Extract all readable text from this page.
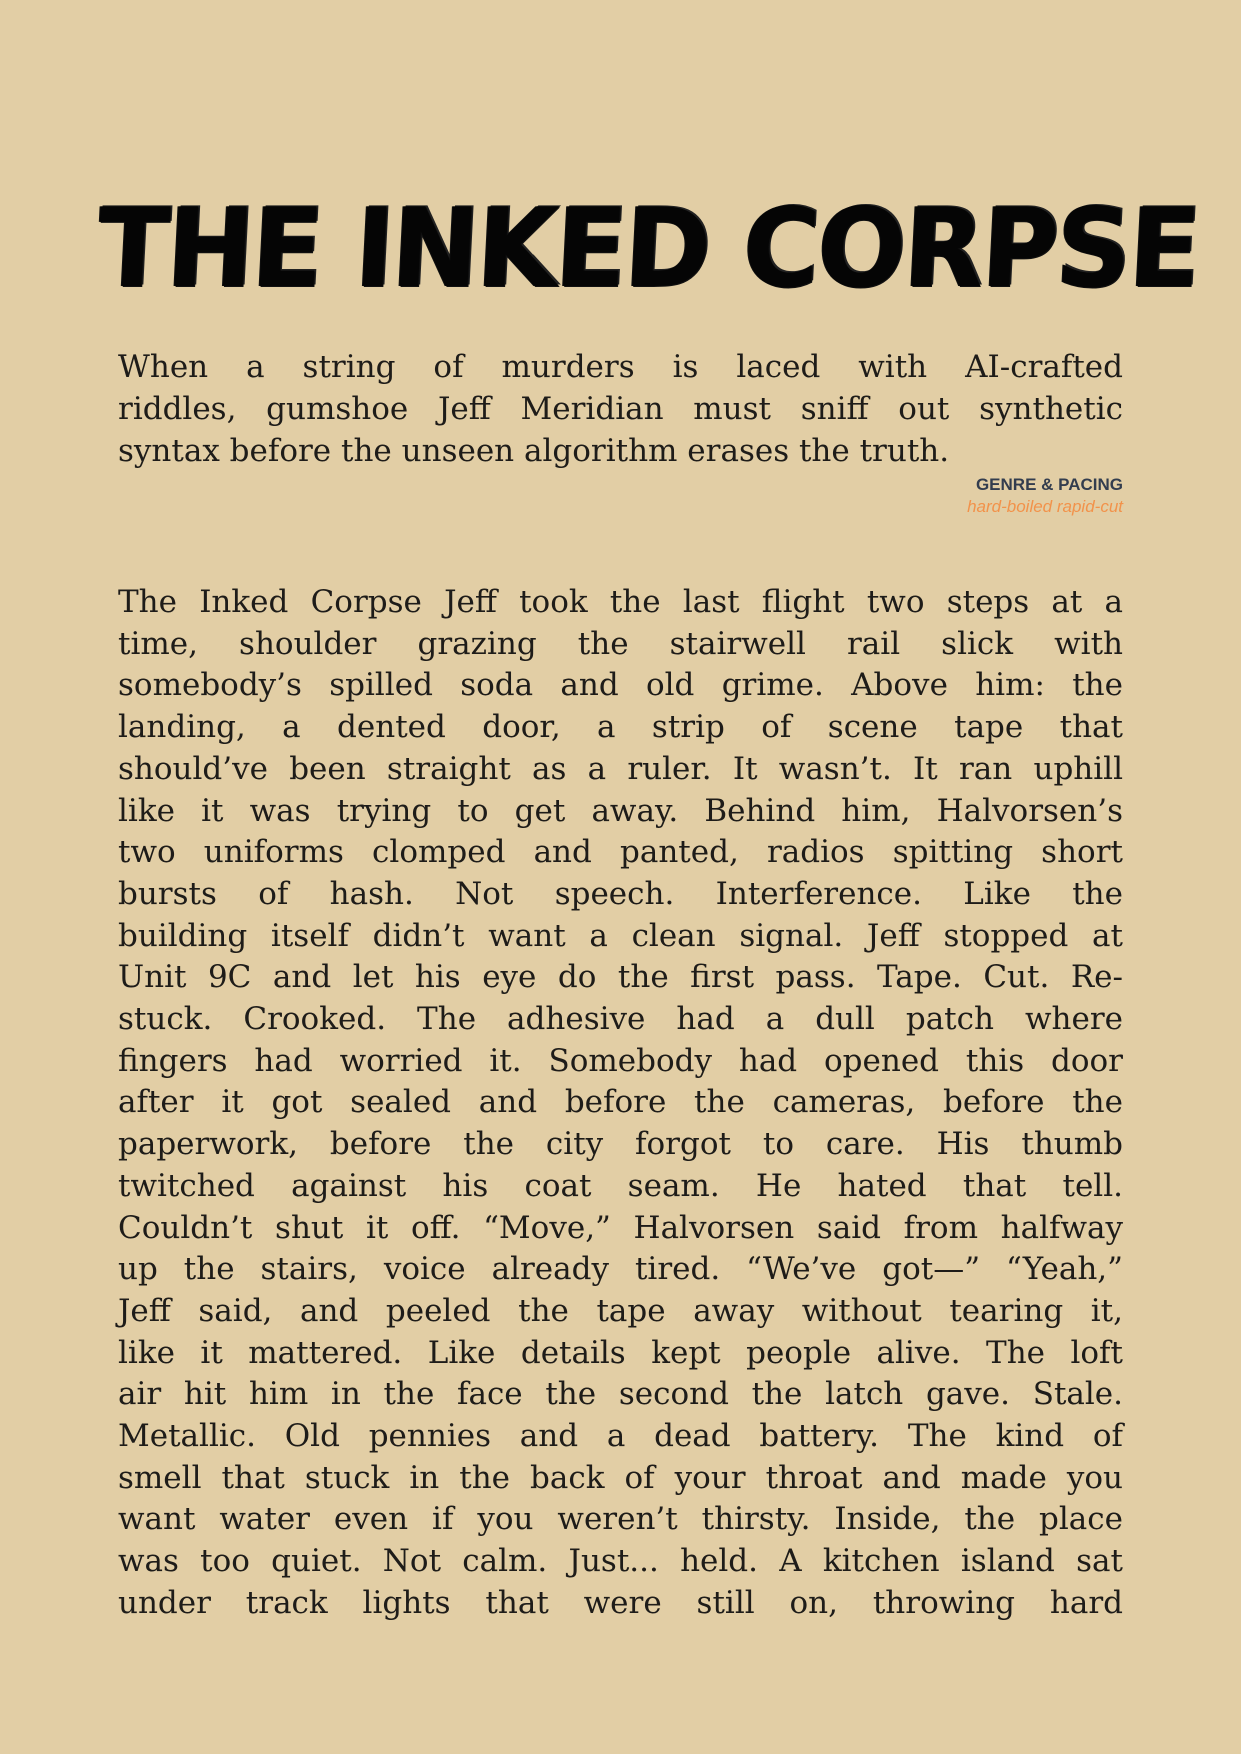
THE INKED CORPSE
When a string of murders is laced with AI-crafted
riddles, gumshoe Jeff Meridian must sniff out synthetic
syntax before the unseen algorithm erases the truth.
GENRE & PACING
hard-boiled rapid-cut
The Inked Corpse Jeff took the last flight two steps at a
time, shoulder grazing the stairwell rail slick with
somebody’s spilled soda and old grime. Above him: the
landing, a dented door, a strip of scene tape that
should’ve been straight as a ruler. It wasn’t. It ran uphill
like it was trying to get away. Behind him, Halvorsen’s
two uniforms clomped and panted, radios spitting short
bursts of hash. Not speech. Interference. Like the
building itself didn’t want a clean signal. Jeff stopped at
Unit 9C and let his eye do the first pass. Tape. Cut. Re-
stuck. Crooked. The adhesive had a dull patch where
fingers had worried it. Somebody had opened this door
after it got sealed and before the cameras, before the
paperwork, before the city forgot to care. His thumb
twitched against his coat seam. He hated that tell.
Couldn’t shut it off. “Move,” Halvorsen said from halfway
up the stairs, voice already tired. “We’ve got—” “Yeah,”
Jeff said, and peeled the tape away without tearing it,
like it mattered. Like details kept people alive. The loft
air hit him in the face the second the latch gave. Stale.
Metallic. Old pennies and a dead battery. The kind of
smell that stuck in the back of your throat and made you
want water even if you weren’t thirsty. Inside, the place
was too quiet. Not calm. Just... held. A kitchen island sat
under track lights that were still on, throwing hard
